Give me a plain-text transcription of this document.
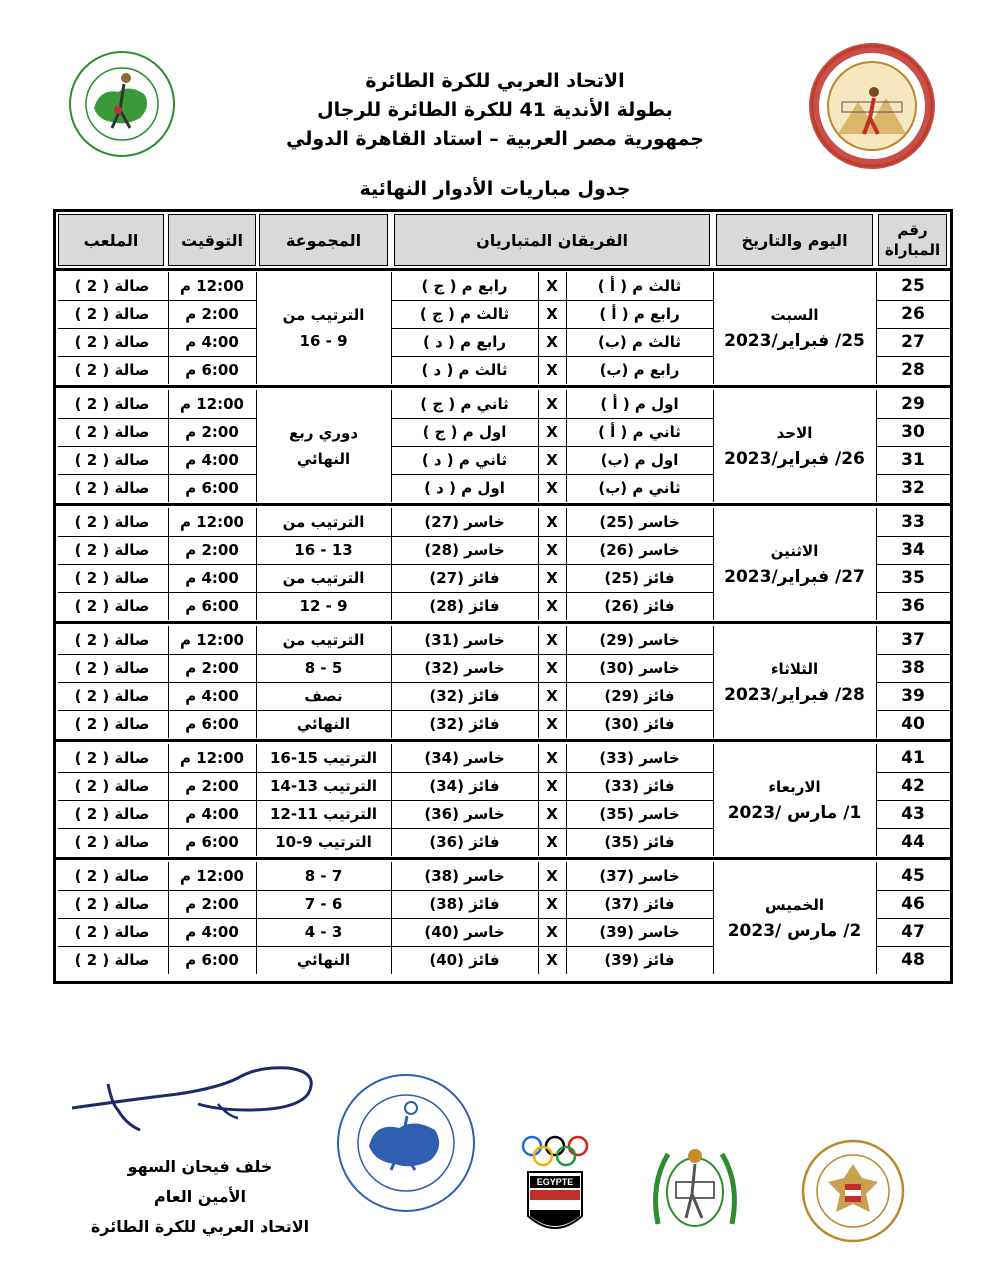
الاتحاد العربي للكرة الطائرة
بطولة الأندية 41 للكرة الطائرة للرجال
جمهورية مصر العربية – استاد القاهرة الدولي
جدول مباريات الأدوار النهائية
الملعب	التوقيت	المجموعة	الفريقان المتباريان	اليوم والتاريخ
رقم المباراة
السبت
25/ فبراير/2023
الترتيب من
9 - 16
صالة ( 2 )	12:00 م	رابع م ( ج )	X	ثالث م ( أ )	25
صالة ( 2 )	2:00 م	ثالث م ( ج )	X	رابع م ( أ )	26
صالة ( 2 )	4:00 م	رابع م ( د )	X	ثالث م (ب)	27
صالة ( 2 )	6:00 م	ثالث م ( د )	X	رابع م (ب)	28
الاحد
26/ فبراير/2023
دوري ربع
النهائي
صالة ( 2 )	12:00 م	ثاني م ( ج )	X	اول م ( أ )	29
صالة ( 2 )	2:00 م	اول م ( ج )	X	ثاني م ( أ )	30
صالة ( 2 )	4:00 م	ثاني م ( د )	X	اول م (ب)	31
صالة ( 2 )	6:00 م	اول م ( د )	X	ثاني م (ب)	32
الاثنين
27/ فبراير/2023
صالة ( 2 )	12:00 م	الترتيب من	خاسر (27)	X	خاسر (25)	33
صالة ( 2 )	2:00 م	13 - 16	خاسر (28)	X	خاسر (26)	34
صالة ( 2 )	4:00 م	الترتيب من	فائز (27)	X	فائز (25)	35
صالة ( 2 )	6:00 م	9 - 12	فائز (28)	X	فائز (26)	36
الثلاثاء
28/ فبراير/2023
صالة ( 2 )	12:00 م	الترتيب من	خاسر (31)	X	خاسر (29)	37
صالة ( 2 )	2:00 م	5 - 8	خاسر (32)	X	خاسر (30)	38
صالة ( 2 )	4:00 م	نصف	فائز (32)	X	فائز (29)	39
صالة ( 2 )	6:00 م	النهائي	فائز (32)	X	فائز (30)	40
الاربعاء
1/ مارس /2023
صالة ( 2 )	12:00 م	الترتيب 15-16	خاسر (34)	X	خاسر (33)	41
صالة ( 2 )	2:00 م	الترتيب 13-14	فائز (34)	X	فائز (33)	42
صالة ( 2 )	4:00 م	الترتيب 11-12	خاسر (36)	X	خاسر (35)	43
صالة ( 2 )	6:00 م	الترتيب 9-10	فائز (36)	X	فائز (35)	44
الخميس
2/ مارس /2023
صالة ( 2 )	12:00 م	7 - 8	خاسر (38)	X	خاسر (37)	45
صالة ( 2 )	2:00 م	6 - 7	فائز (38)	X	فائز (37)	46
صالة ( 2 )	4:00 م	3 - 4	خاسر (40)	X	خاسر (39)	47
صالة ( 2 )	6:00 م	النهائي	فائز (40)	X	فائز (39)	48
خلف فيحان السهو
الأمين العام
الاتحاد العربي للكرة الطائرة
EGYPTE
